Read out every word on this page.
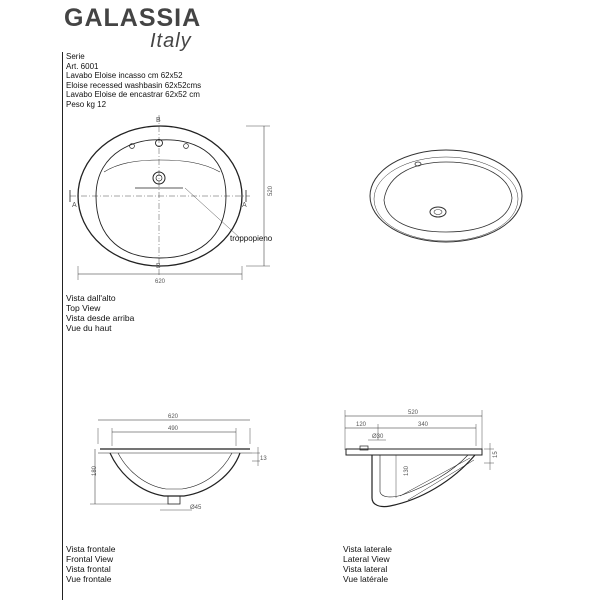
GALASSIA
Italy
Serie
Art. 6001
Lavabo Eloise incasso cm 62x52
Eloise recessed washbasin 62x52cms
Lavabo Eloise de encastrar 62x52 cm
Peso kg 12
620
520
troppopieno
A	A
B
B
620
490
180
13
Ø45
520
120	340
Ø30
130
15
Vista dall'alto
Top View
Vista desde arriba
Vue du haut
Vista frontale
Frontal View
Vista frontal
Vue frontale
Vista laterale
Lateral View
Vista lateral
Vue latérale
